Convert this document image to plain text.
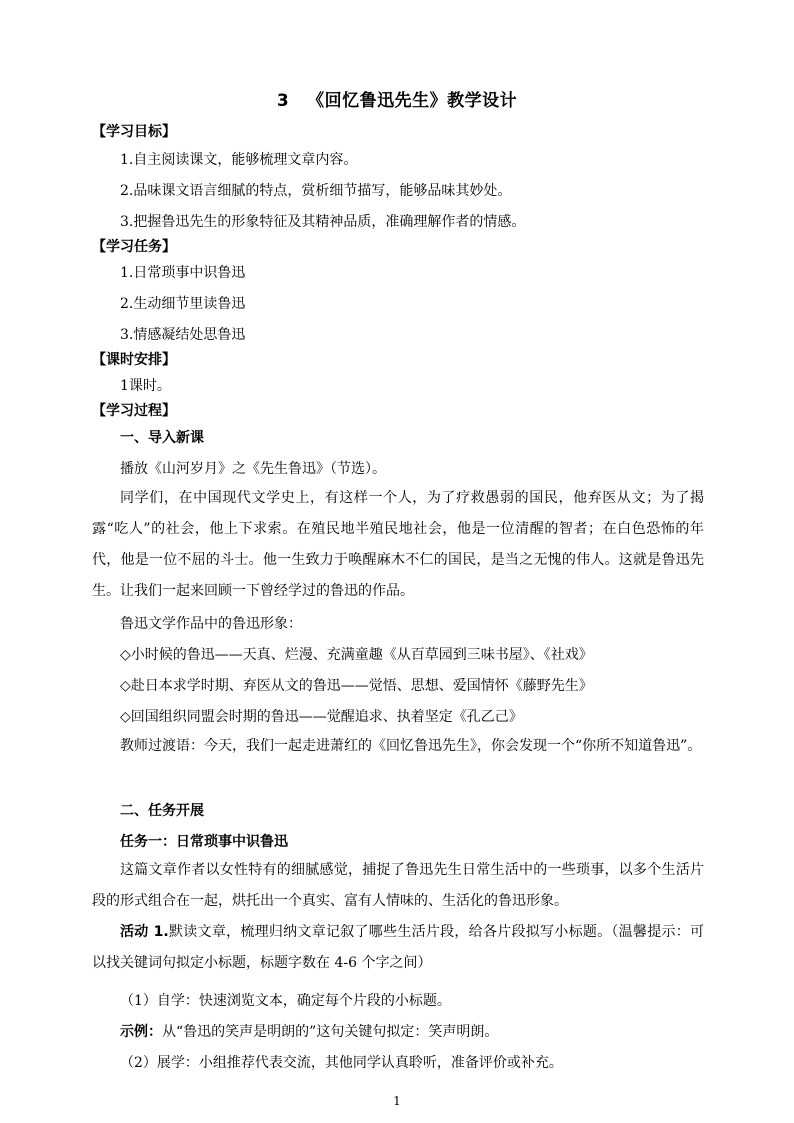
3 《回忆鲁迅先生》教学设计
【学习目标】
1.自主阅读课文，能够梳理文章内容。
2.品味课文语言细腻的特点，赏析细节描写，能够品味其妙处。
3.把握鲁迅先生的形象特征及其精神品质，准确理解作者的情感。
【学习任务】
1.日常琐事中识鲁迅
2.生动细节里读鲁迅
3.情感凝结处思鲁迅
【课时安排】
1课时。
【学习过程】
一、导入新课
播放《山河岁月》之《先生鲁迅》（节选）。
同学们，在中国现代文学史上，有这样一个人，为了疗救愚弱的国民，他弃医从文；为了揭露“吃人”的社会，他上下求索。在殖民地半殖民地社会，他是一位清醒的智者；在白色恐怖的年代，他是一位不屈的斗士。他一生致力于唤醒麻木不仁的国民，是当之无愧的伟人。这就是鲁迅先生。让我们一起来回顾一下曾经学过的鲁迅的作品。
鲁迅文学作品中的鲁迅形象：
◇小时候的鲁迅——天真、烂漫、充满童趣《从百草园到三味书屋》、《社戏》
◇赴日本求学时期、弃医从文的鲁迅——觉悟、思想、爱国情怀《藤野先生》
◇回国组织同盟会时期的鲁迅——觉醒追求、执着坚定《孔乙己》
教师过渡语：今天，我们一起走进萧红的《回忆鲁迅先生》，你会发现一个“你所不知道鲁迅”。
二、任务开展
任务一：日常琐事中识鲁迅
这篇文章作者以女性特有的细腻感觉，捕捉了鲁迅先生日常生活中的一些琐事，以多个生活片段的形式组合在一起，烘托出一个真实、富有人情味的、生活化的鲁迅形象。
活动 1.默读文章，梳理归纳文章记叙了哪些生活片段，给各片段拟写小标题。（温馨提示：可以找关键词句拟定小标题，标题字数在 4-6 个字之间）
（1）自学：快速浏览文本，确定每个片段的小标题。
示例：从“鲁迅的笑声是明朗的”这句关键句拟定：笑声明朗。
（2）展学：小组推荐代表交流，其他同学认真聆听，准备评价或补充。
1
